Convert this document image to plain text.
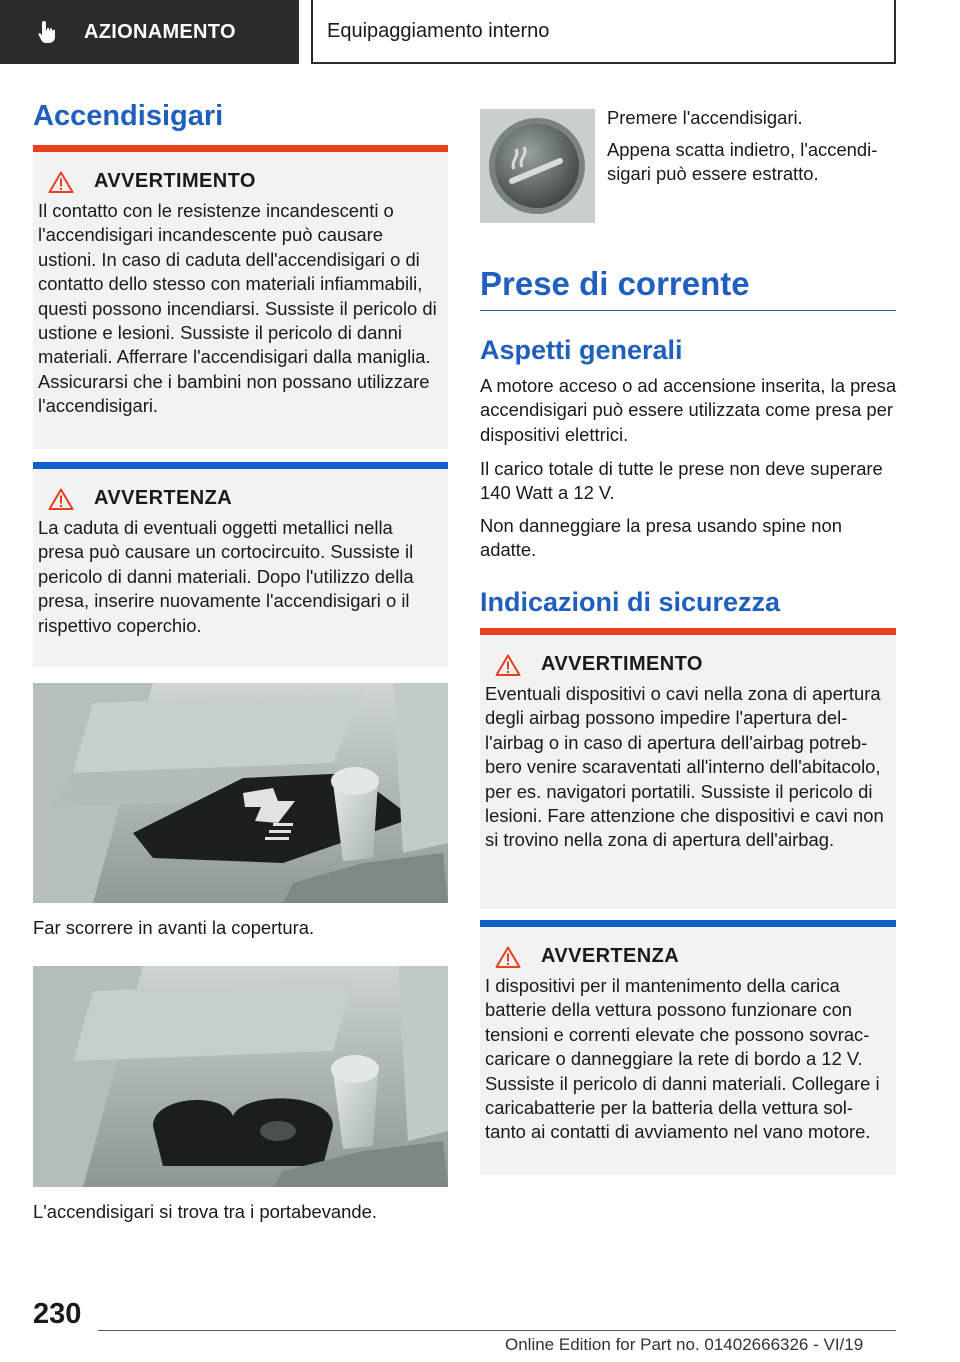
AZIONAMENTO	Equipaggiamento interno
Accendisigari
AVVERTIMENTO
Il contatto con le resistenze incandescenti o l'accendisigari incandescente può causare ustioni. In caso di caduta dell'accendisigari o di contatto dello stesso con materiali infiammabili, questi possono incendiarsi. Sussiste il pericolo di ustione e lesioni. Sussiste il pericolo di danni materiali. Afferrare l'accendisigari dalla maniglia. Assicurarsi che i bambini non possano utilizzare l'accendisigari.
AVVERTENZA
La caduta di eventuali oggetti metallici nella presa può causare un cortocircuito. Sussiste il pericolo di danni materiali. Dopo l'utilizzo della presa, inserire nuovamente l'accendisigari o il rispettivo coperchio.

Far scorrere in avanti la copertura.

L'accendisigari si trova tra i portabevande.

Premere l'accendisigari.

Appena scatta indietro, l'accendisigari può essere estratto.

Prese di corrente
Aspetti generali

A motore acceso o ad accensione inserita, la presa accendisigari può essere utilizzata come presa per dispositivi elettrici.

Il carico totale di tutte le prese non deve superare 140 Watt a 12 V.

Non danneggiare la presa usando spine non adatte.

Indicazioni di sicurezza
AVVERTIMENTO
Eventuali dispositivi o cavi nella zona di apertura degli airbag possono impedire l'apertura dell'airbag o in caso di apertura dell'airbag potrebbero venire scaraventati all'interno dell'abitacolo, per es. navigatori portatili. Sussiste il pericolo di lesioni. Fare attenzione che dispositivi e cavi non si trovino nella zona di apertura dell'airbag.
AVVERTENZA
I dispositivi per il mantenimento della carica batterie della vettura possono funzionare con tensioni e correnti elevate che possono sovraccaricare o danneggiare la rete di bordo a 12 V. Sussiste il pericolo di danni materiali. Collegare i caricabatterie per la batteria della vettura soltanto ai contatti di avviamento nel vano motore.
230
Online Edition for Part no. 01402666326 - VI/19
